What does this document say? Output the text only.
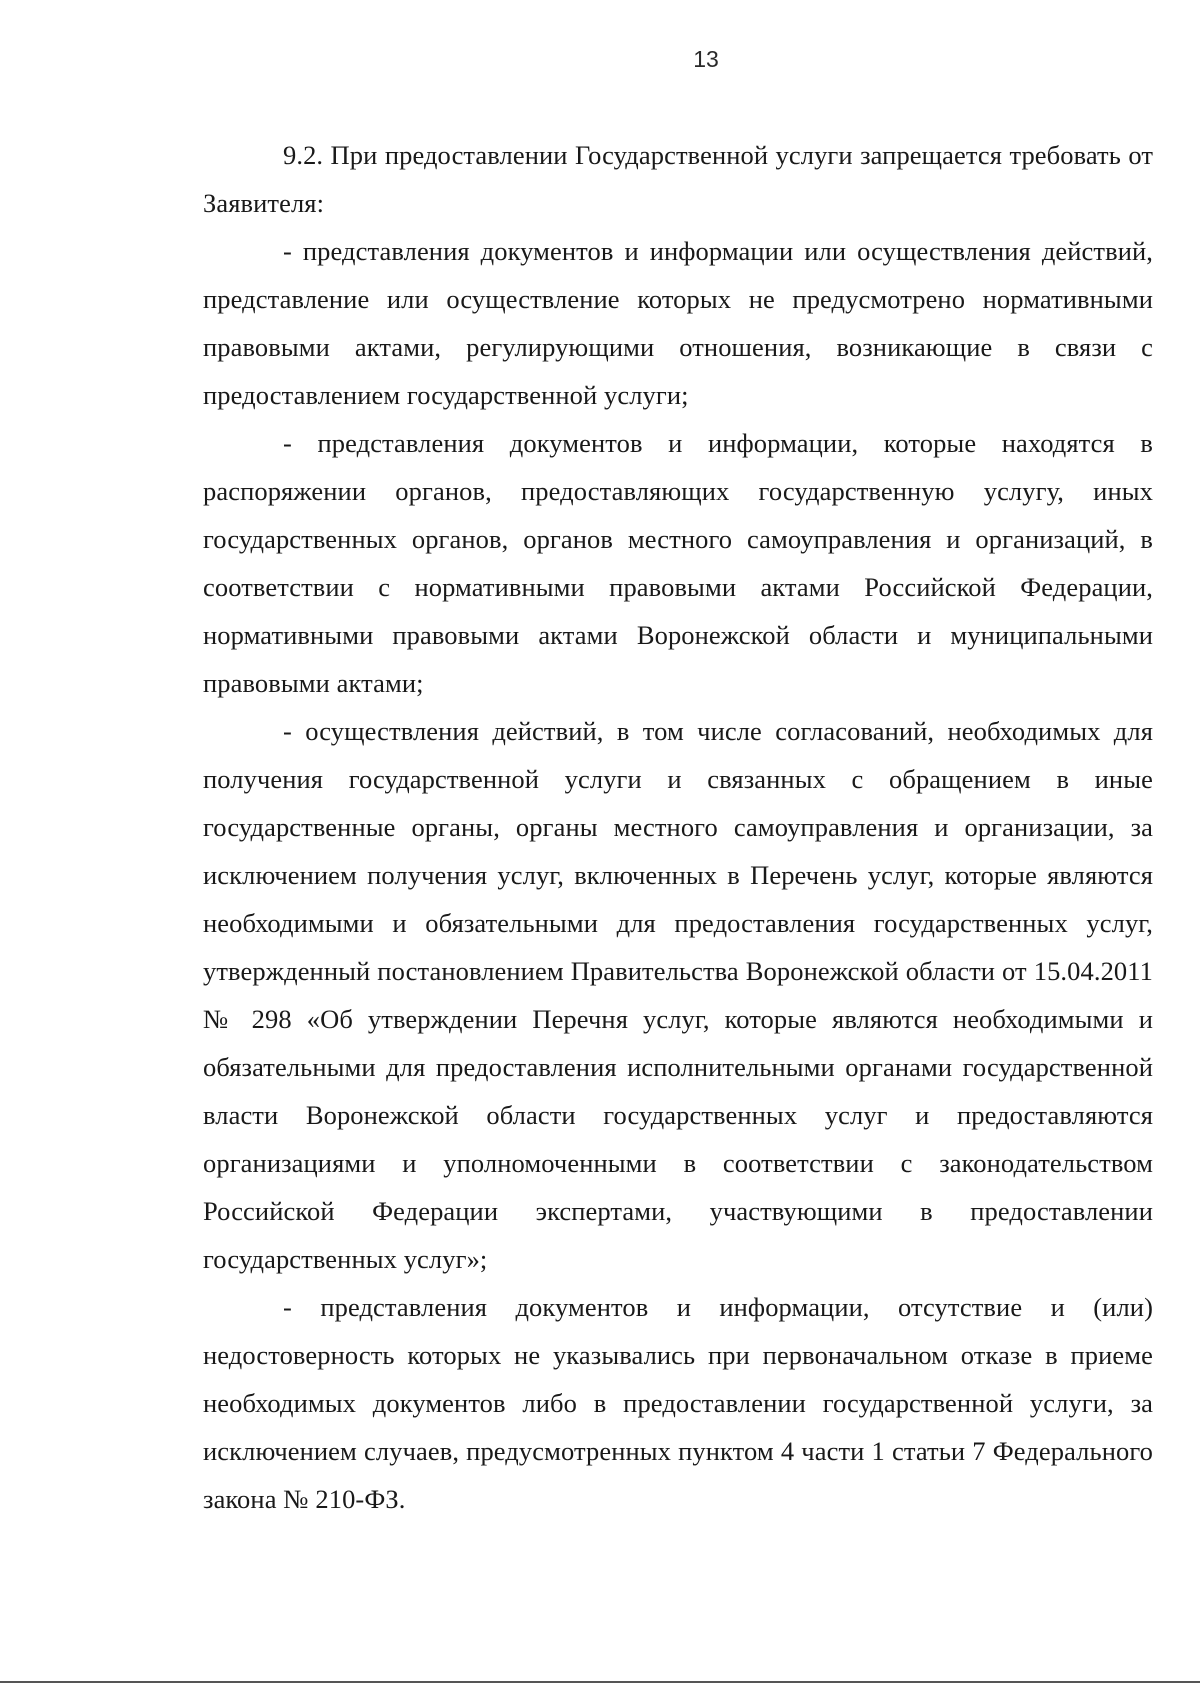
13

9.2. При предоставлении Государственной услуги запрещается требовать от Заявителя:

- представления документов и информации или осуществления действий, представление или осуществление которых не предусмотрено нормативными правовыми актами, регулирующими отношения, возникающие в связи с предоставлением государственной услуги;

- представления документов и информации, которые находятся в распоряжении органов, предоставляющих государственную услугу, иных государственных органов, органов местного самоуправления и организаций, в соответствии с нормативными правовыми актами Российской Федерации, нормативными правовыми актами Воронежской области и муниципальными правовыми актами;

- осуществления действий, в том числе согласований, необходимых для получения государственной услуги и связанных с обращением в иные государственные органы, органы местного самоуправления и организации, за исключением получения услуг, включенных в Перечень услуг, которые являются необходимыми и обязательными для предоставления государственных услуг, утвержденный постановлением Правительства Воронежской области от 15.04.2011 № 298 «Об утверждении Перечня услуг, которые являются необходимыми и обязательными для предоставления исполнительными органами государственной власти Воронежской области государственных услуг и предоставляются организациями и уполномоченными в соответствии с законодательством Российской Федерации экспертами, участвующими в предоставлении государственных услуг»;

- представления документов и информации, отсутствие и (или) недостоверность которых не указывались при первоначальном отказе в приеме необходимых документов либо в предоставлении государственной услуги, за исключением случаев, предусмотренных пунктом 4 части 1 статьи 7 Федерального закона № 210-ФЗ.
